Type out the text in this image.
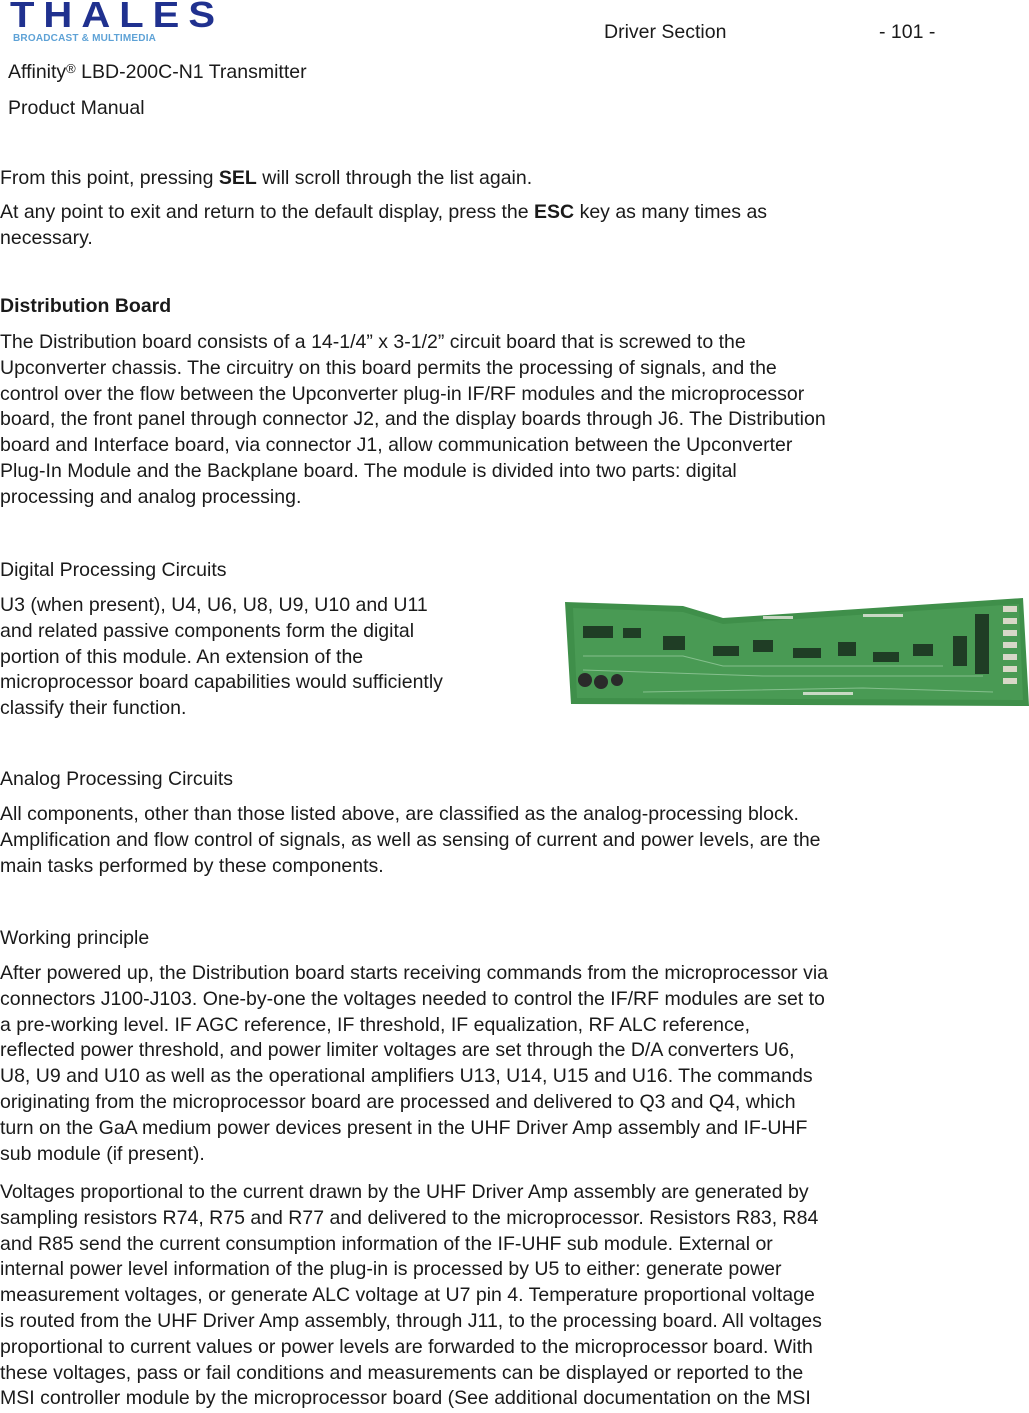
THALES
BROADCAST & MULTIMEDIA	Driver Section	- 101 -
Affinity® LBD-200C-N1 Transmitter
Product Manual
From this point, pressing SEL will scroll through the list again.
At any point to exit and return to the default display, press the ESC key as many times as
necessary.
Distribution Board
The Distribution board consists of a 14-1/4” x 3-1/2” circuit board that is screwed to the
Upconverter chassis. The circuitry on this board permits the processing of signals, and the
control over the flow between the Upconverter plug-in IF/RF modules and the microprocessor
board, the front panel through connector J2, and the display boards through J6. The Distribution
board and Interface board, via connector J1, allow communication between the Upconverter
Plug-In Module and the Backplane board. The module is divided into two parts: digital
processing and analog processing.
Digital Processing Circuits
U3 (when present), U4, U6, U8, U9, U10 and U11
and related passive components form the digital
portion of this module. An extension of the
microprocessor board capabilities would sufficiently
classify their function.
Analog Processing Circuits
All components, other than those listed above, are classified as the analog-processing block.
Amplification and flow control of signals, as well as sensing of current and power levels, are the
main tasks performed by these components.
Working principle
After powered up, the Distribution board starts receiving commands from the microprocessor via
connectors J100-J103. One-by-one the voltages needed to control the IF/RF modules are set to
a pre-working level. IF AGC reference, IF threshold, IF equalization, RF ALC reference,
reflected power threshold, and power limiter voltages are set through the D/A converters U6,
U8, U9 and U10 as well as the operational amplifiers U13, U14, U15 and U16. The commands
originating from the microprocessor board are processed and delivered to Q3 and Q4, which
turn on the GaA medium power devices present in the UHF Driver Amp assembly and IF-UHF
sub module (if present).
Voltages proportional to the current drawn by the UHF Driver Amp assembly are generated by
sampling resistors R74, R75 and R77 and delivered to the microprocessor. Resistors R83, R84
and R85 send the current consumption information of the IF-UHF sub module. External or
internal power level information of the plug-in is processed by U5 to either: generate power
measurement voltages, or generate ALC voltage at U7 pin 4. Temperature proportional voltage
is routed from the UHF Driver Amp assembly, through J11, to the processing board. All voltages
proportional to current values or power levels are forwarded to the microprocessor board. With
these voltages, pass or fail conditions and measurements can be displayed or reported to the
MSI controller module by the microprocessor board (See additional documentation on the MSI
